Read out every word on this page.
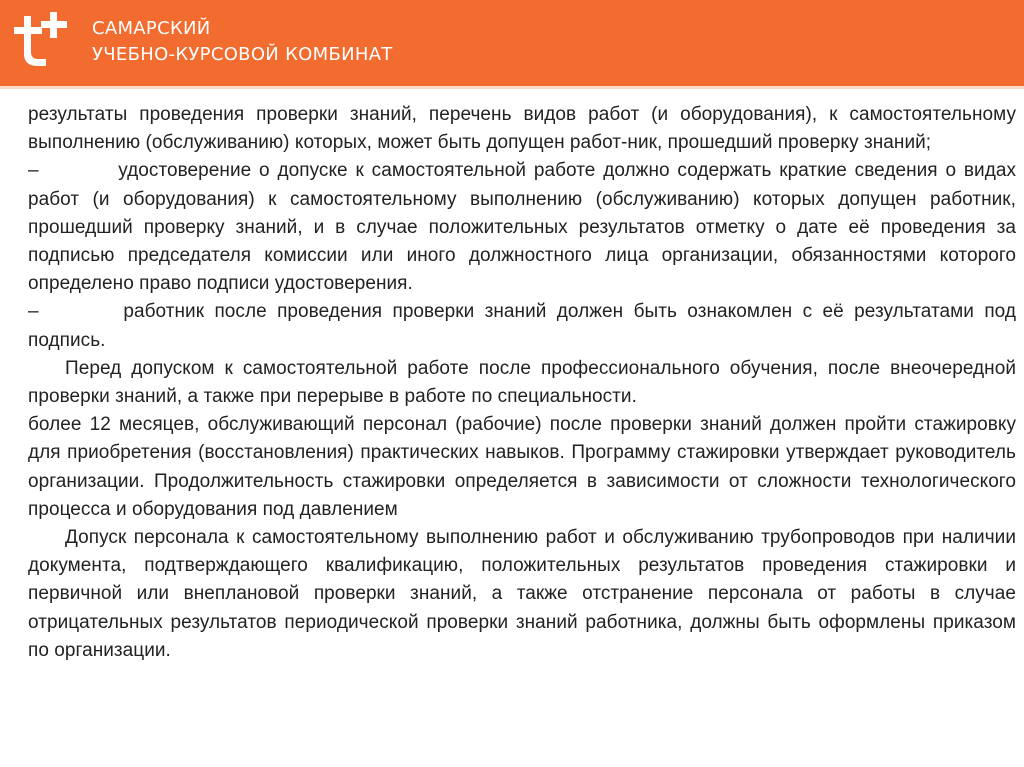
САМАРСКИЙ
УЧЕБНО-КУРСОВОЙ КОМБИНАТ

результаты проведения проверки знаний, перечень видов работ (и оборудования), к самостоятельному выполнению (обслуживанию) которых, может быть допущен работ-ник, прошедший проверку знаний;

–		удостоверение о допуске к самостоятельной работе должно содержать краткие сведения о видах работ (и оборудования) к самостоятельному выполнению (обслуживанию) которых допущен работник, прошедший проверку знаний, и в случае положительных результатов отметку о дате её проведения за подписью председателя комиссии или иного должностного лица организации, обязанностями которого определено право подписи удостоверения.

–		работник после проведения проверки знаний должен быть ознакомлен с её результатами под подпись.

Перед допуском к самостоятельной работе после профессионального обучения, после внеочередной проверки знаний, а также при перерыве в работе по специальности.

более 12 месяцев, обслуживающий персонал (рабочие) после проверки знаний должен пройти стажировку для приобретения (восстановления) практических навыков. Программу стажировки утверждает руководитель организации. Продолжительность стажировки определяется в зависимости от сложности технологического процесса и оборудования под давлением

Допуск персонала к самостоятельному выполнению работ и обслуживанию трубопроводов при наличии документа, подтверждающего квалификацию, положительных результатов проведения стажировки и первичной или внеплановой проверки знаний, а также отстранение персонала от работы в случае отрицательных результатов периодической проверки знаний работника, должны быть оформлены приказом по организации.
